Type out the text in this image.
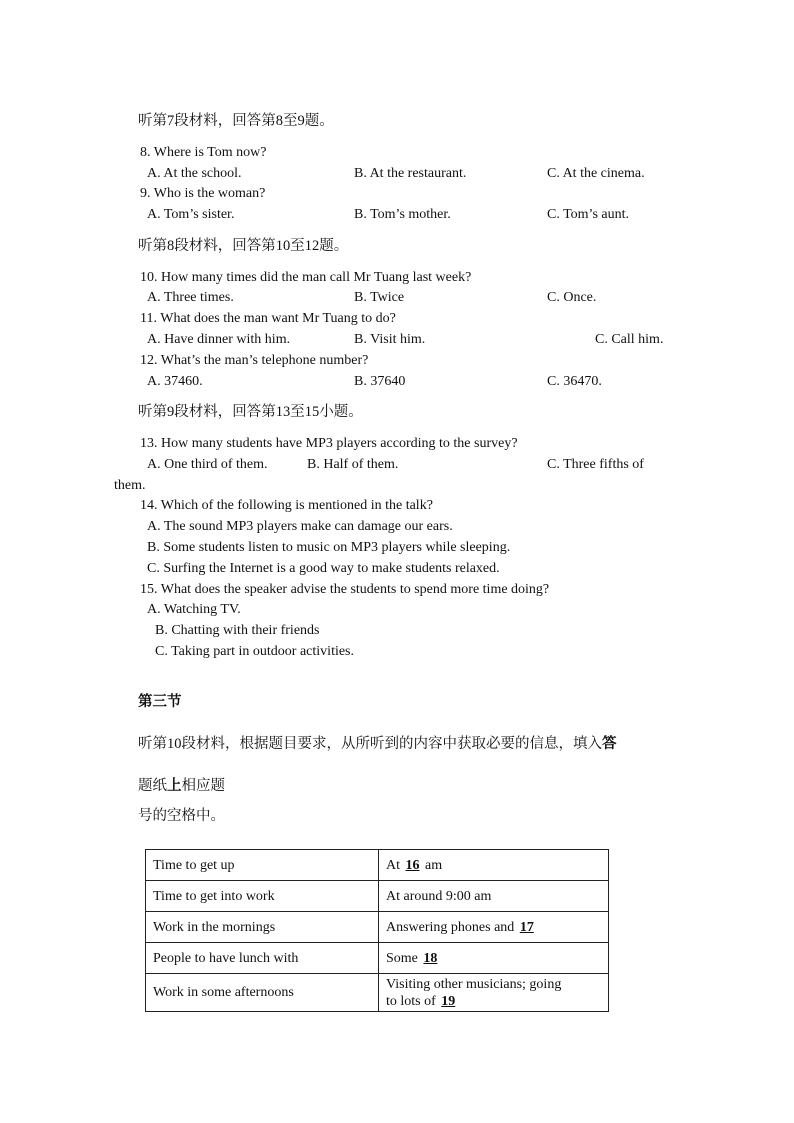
听第7段材料，回答第8至9题。
8. Where is Tom now?
A. At the school.	B. At the restaurant.	C. At the cinema.
9. Who is the woman?
A. Tom’s sister.	B. Tom’s mother.	C. Tom’s aunt.
听第8段材料，回答第10至12题。
10. How many times did the man call Mr Tuang last week?
A. Three times.	B. Twice	C. Once.
11. What does the man want Mr Tuang to do?
A. Have dinner with him.	B. Visit him.	C. Call him.
12. What’s the man’s telephone number?
A. 37460.	B. 37640	C. 36470.
听第9段材料，回答第13至15小题。
13. How many students have MP3 players according to the survey?
A. One third of them.	B. Half of them.	C. Three fifths of
them.
14. Which of the following is mentioned in the talk?
A. The sound MP3 players make can damage our ears.
B. Some students listen to music on MP3 players while sleeping.
C. Surfing the Internet is a good way to make students relaxed.
15. What does the speaker advise the students to spend more time doing?
A. Watching TV.
B. Chatting with their friends
C. Taking part in outdoor activities.
第三节
听第10段材料，根据题目要求，从所听到的内容中获取必要的信息，填入答
题纸上相应题
号的空格中。
Time to get up	At 16 am
Time to get into work	At around 9:00 am
Work in the mornings	Answering phones and 17
People to have lunch with	Some 18
Work in some afternoons	Visiting other musicians; going
to lots of 19
